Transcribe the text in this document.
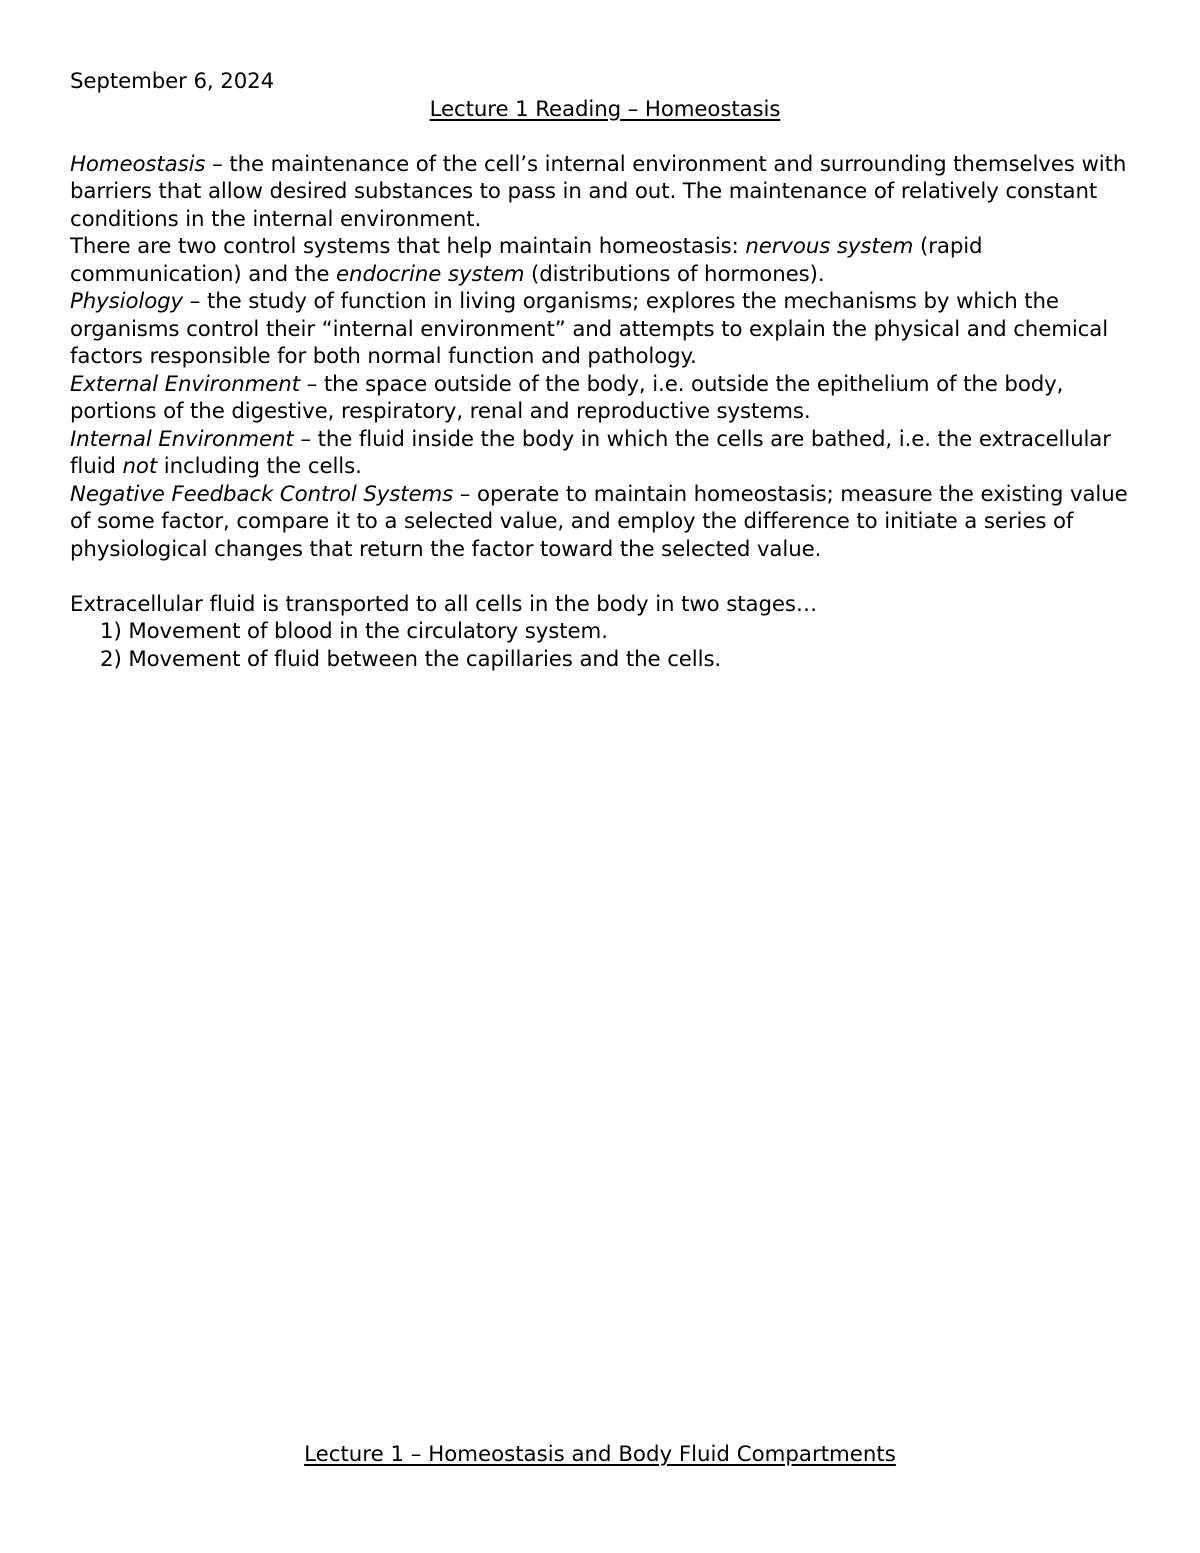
September 6, 2024

Lecture 1 Reading – Homeostasis

Homeostasis – the maintenance of the cell’s internal environment and surrounding themselves with barriers that allow desired substances to pass in and out. The maintenance of relatively constant conditions in the internal environment.

There are two control systems that help maintain homeostasis: nervous system (rapid communication) and the endocrine system (distributions of hormones).

Physiology – the study of function in living organisms; explores the mechanisms by which the organisms control their “internal environment” and attempts to explain the physical and chemical factors responsible for both normal function and pathology.

External Environment – the space outside of the body, i.e. outside the epithelium of the body, portions of the digestive, respiratory, renal and reproductive systems.

Internal Environment – the fluid inside the body in which the cells are bathed, i.e. the extracellular fluid not including the cells.

Negative Feedback Control Systems – operate to maintain homeostasis; measure the existing value of some factor, compare it to a selected value, and employ the difference to initiate a series of physiological changes that return the factor toward the selected value.

Extracellular fluid is transported to all cells in the body in two stages…

1) Movement of blood in the circulatory system.
2) Movement of fluid between the capillaries and the cells.
Lecture 1 – Homeostasis and Body Fluid Compartments
